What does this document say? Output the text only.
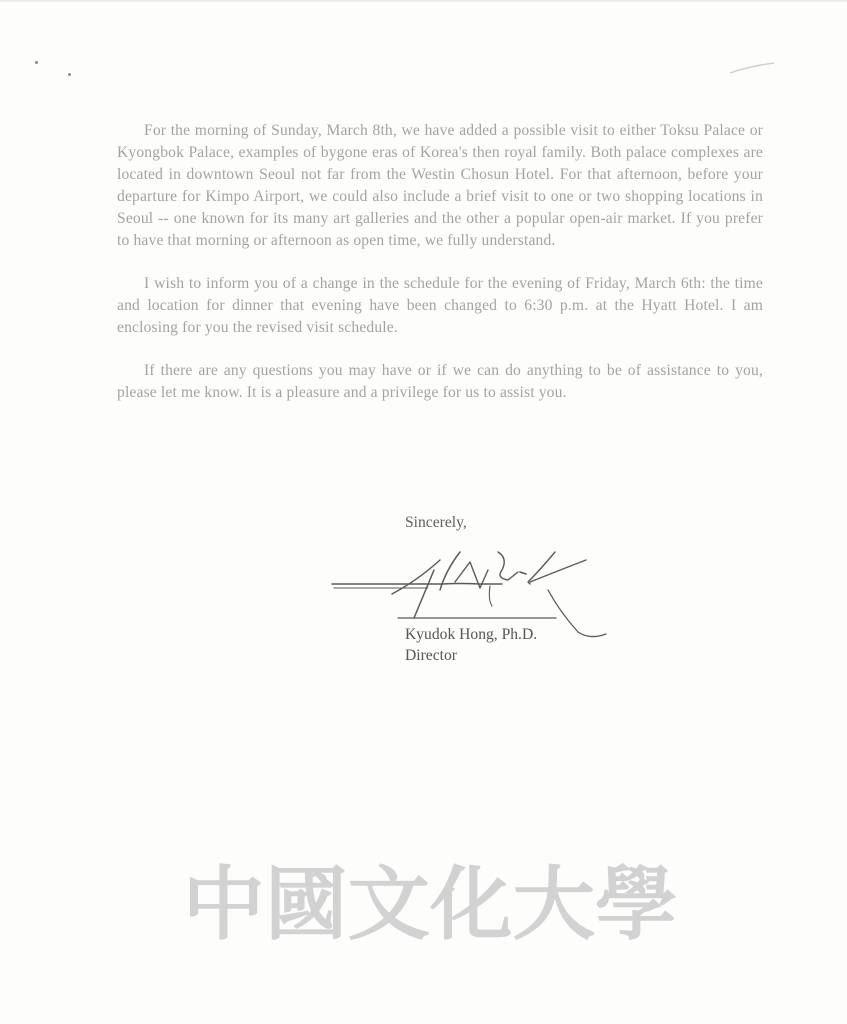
For the morning of Sunday, March 8th, we have added a possible visit to either Toksu Palace or Kyongbok Palace, examples of bygone eras of Korea's then royal family. Both palace complexes are located in downtown Seoul not far from the Westin Chosun Hotel. For that afternoon, before your departure for Kimpo Airport, we could also include a brief visit to one or two shopping locations in Seoul -- one known for its many art galleries and the other a popular open-air market. If you prefer to have that morning or afternoon as open time, we fully understand.

I wish to inform you of a change in the schedule for the evening of Friday, March 6th: the time and location for dinner that evening have been changed to 6:30 p.m. at the Hyatt Hotel. I am enclosing for you the revised visit schedule.

If there are any questions you may have or if we can do anything to be of assistance to you, please let me know. It is a pleasure and a privilege for us to assist you.

Sincerely,
Kyudok Hong, Ph.D.
Director
中國文化大學
